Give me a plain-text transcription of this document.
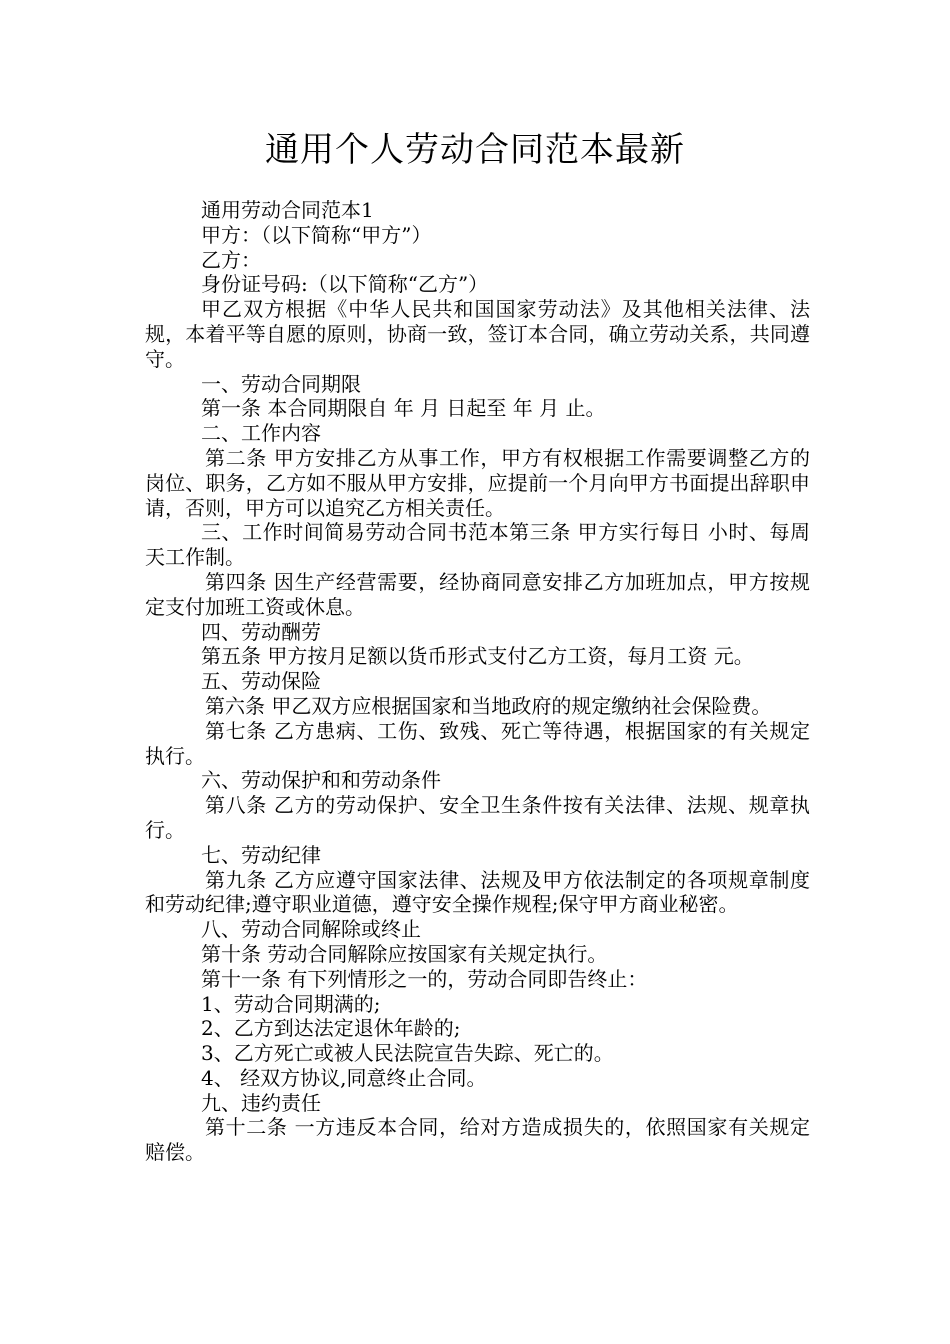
通用个人劳动合同范本最新

通用劳动合同范本1

甲方：（以下简称“甲方”）

乙方：

身份证号码:（以下简称“乙方”）

甲乙双方根据《中华人民共和国国家劳动法》及其他相关法律、法规，本着平等自愿的原则，协商一致，签订本合同，确立劳动关系，共同遵守。

一、劳动合同期限

第一条 本合同期限自 年 月 日起至 年 月 止。

二、工作内容

第二条 甲方安排乙方从事工作，甲方有权根据工作需要调整乙方的岗位、职务，乙方如不服从甲方安排，应提前一个月向甲方书面提出辞职申请，否则，甲方可以追究乙方相关责任。

三、工作时间简易劳动合同书范本第三条 甲方实行每日 小时、每周 天工作制。

第四条 因生产经营需要，经协商同意安排乙方加班加点，甲方按规定支付加班工资或休息。

四、劳动酬劳

第五条 甲方按月足额以货币形式支付乙方工资，每月工资 元。

五、劳动保险

第六条 甲乙双方应根据国家和当地政府的规定缴纳社会保险费。

第七条 乙方患病、工伤、致残、死亡等待遇，根据国家的有关规定执行。

六、劳动保护和和劳动条件

第八条 乙方的劳动保护、安全卫生条件按有关法律、法规、规章执行。

七、劳动纪律

第九条 乙方应遵守国家法律、法规及甲方依法制定的各项规章制度和劳动纪律;遵守职业道德，遵守安全操作规程;保守甲方商业秘密。

八、劳动合同解除或终止

第十条 劳动合同解除应按国家有关规定执行。

第十一条 有下列情形之一的，劳动合同即告终止：

1、劳动合同期满的;

2、乙方到达法定退休年龄的;

3、乙方死亡或被人民法院宣告失踪、死亡的。

4、 经双方协议,同意终止合同。

九、违约责任

第十二条 一方违反本合同，给对方造成损失的，依照国家有关规定赔偿。
